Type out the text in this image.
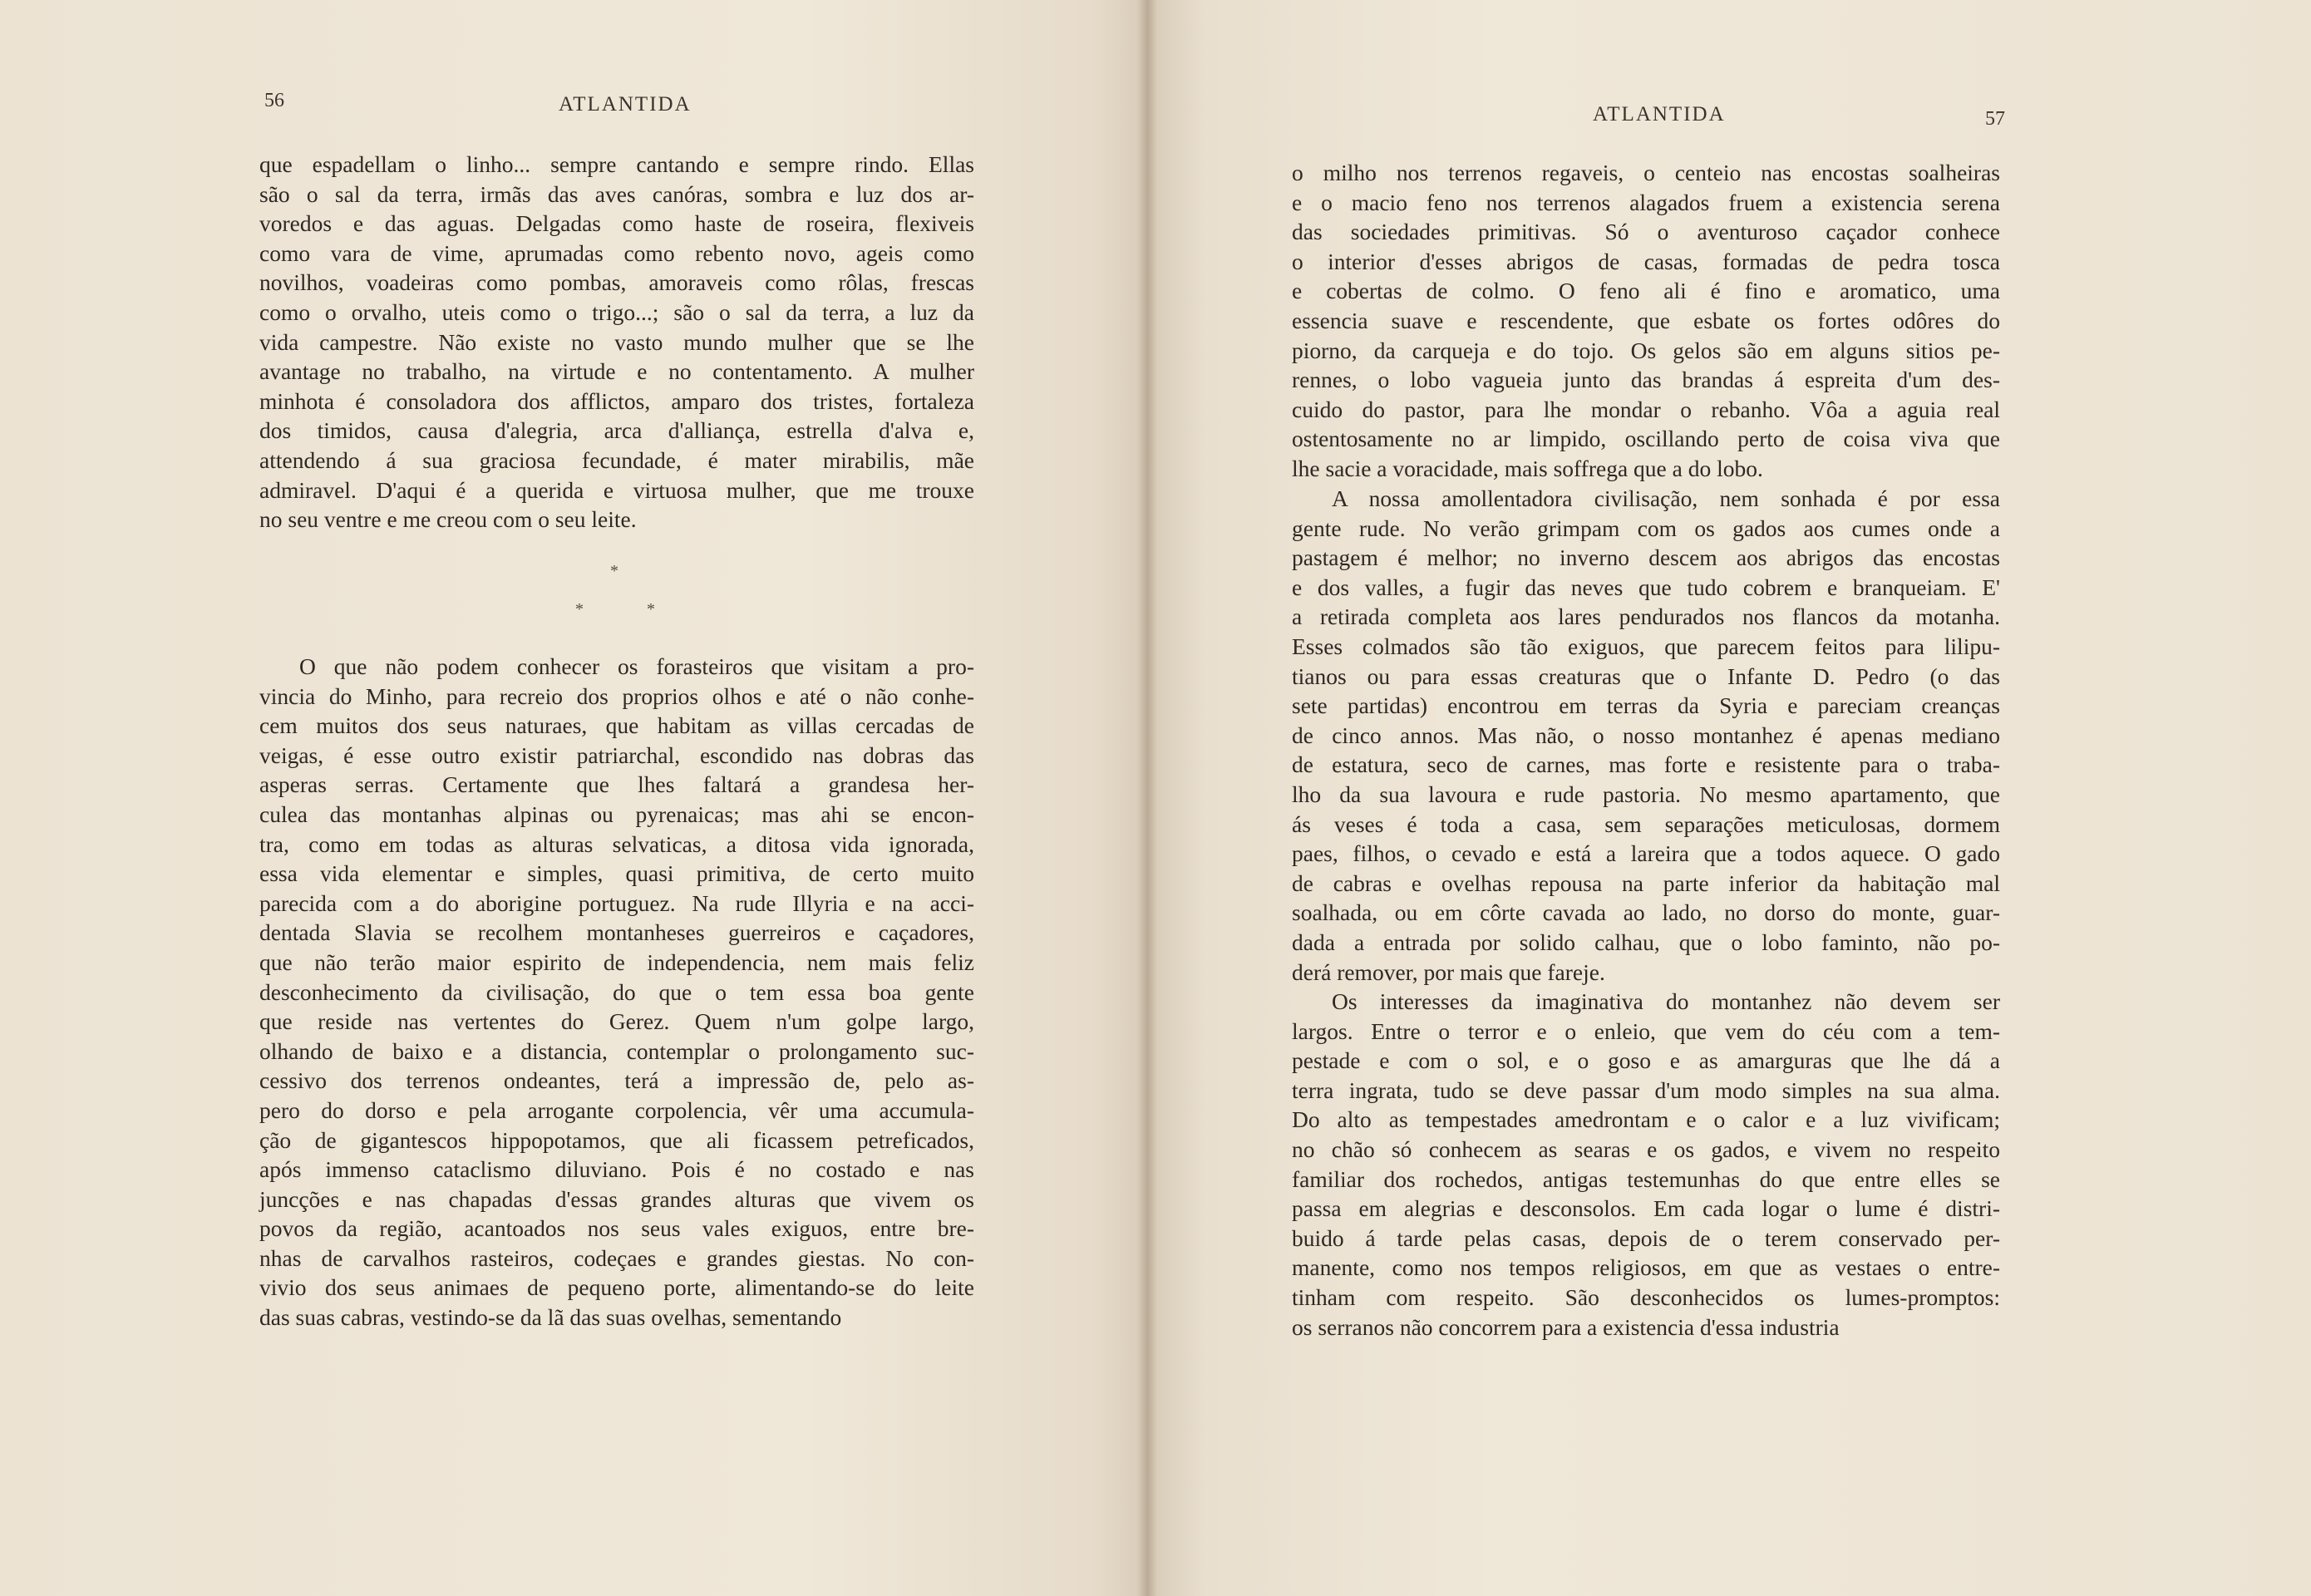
56	ATLANTIDA
que espadellam o linho... sempre cantando e sempre rindo. Ellas
são o sal da terra, irmãs das aves canóras, sombra e luz dos ar-
voredos e das aguas. Delgadas como haste de roseira, flexiveis
como vara de vime, aprumadas como rebento novo, ageis como
novilhos, voadeiras como pombas, amoraveis como rôlas, frescas
como o orvalho, uteis como o trigo...; são o sal da terra, a luz da
vida campestre. Não existe no vasto mundo mulher que se lhe
avantage no trabalho, na virtude e no contentamento. A mulher
minhota é consoladora dos afflictos, amparo dos tristes, fortaleza
dos timidos, causa d'alegria, arca d'alliança, estrella d'alva e,
attendendo á sua graciosa fecundade, é mater mirabilis, mãe
admiravel. D'aqui é a querida e virtuosa mulher, que me trouxe
no seu ventre e me creou com o seu leite.
*
*	*
O que não podem conhecer os forasteiros que visitam a pro-
vincia do Minho, para recreio dos proprios olhos e até o não conhe-
cem muitos dos seus naturaes, que habitam as villas cercadas de
veigas, é esse outro existir patriarchal, escondido nas dobras das
asperas serras. Certamente que lhes faltará a grandesa her-
culea das montanhas alpinas ou pyrenaicas; mas ahi se encon-
tra, como em todas as alturas selvaticas, a ditosa vida ignorada,
essa vida elementar e simples, quasi primitiva, de certo muito
parecida com a do aborigine portuguez. Na rude Illyria e na acci-
dentada Slavia se recolhem montanheses guerreiros e caçadores,
que não terão maior espirito de independencia, nem mais feliz
desconhecimento da civilisação, do que o tem essa boa gente
que reside nas vertentes do Gerez. Quem n'um golpe largo,
olhando de baixo e a distancia, contemplar o prolongamento suc-
cessivo dos terrenos ondeantes, terá a impressão de, pelo as-
pero do dorso e pela arrogante corpolencia, vêr uma accumula-
ção de gigantescos hippopotamos, que ali ficassem petreficados,
após immenso cataclismo diluviano. Pois é no costado e nas
juncções e nas chapadas d'essas grandes alturas que vivem os
povos da região, acantoados nos seus vales exiguos, entre bre-
nhas de carvalhos rasteiros, codeçaes e grandes giestas. No con-
vivio dos seus animaes de pequeno porte, alimentando-se do leite
das suas cabras, vestindo-se da lã das suas ovelhas, sementando
ATLANTIDA	57
o milho nos terrenos regaveis, o centeio nas encostas soalheiras
e o macio feno nos terrenos alagados fruem a existencia serena
das sociedades primitivas. Só o aventuroso caçador conhece
o interior d'esses abrigos de casas, formadas de pedra tosca
e cobertas de colmo. O feno ali é fino e aromatico, uma
essencia suave e rescendente, que esbate os fortes odôres do
piorno, da carqueja e do tojo. Os gelos são em alguns sitios pe-
rennes, o lobo vagueia junto das brandas á espreita d'um des-
cuido do pastor, para lhe mondar o rebanho. Vôa a aguia real
ostentosamente no ar limpido, oscillando perto de coisa viva que
lhe sacie a voracidade, mais soffrega que a do lobo.
A nossa amollentadora civilisação, nem sonhada é por essa
gente rude. No verão grimpam com os gados aos cumes onde a
pastagem é melhor; no inverno descem aos abrigos das encostas
e dos valles, a fugir das neves que tudo cobrem e branqueiam. E'
a retirada completa aos lares pendurados nos flancos da motanha.
Esses colmados são tão exiguos, que parecem feitos para lilipu-
tianos ou para essas creaturas que o Infante D. Pedro (o das
sete partidas) encontrou em terras da Syria e pareciam creanças
de cinco annos. Mas não, o nosso montanhez é apenas mediano
de estatura, seco de carnes, mas forte e resistente para o traba-
lho da sua lavoura e rude pastoria. No mesmo apartamento, que
ás veses é toda a casa, sem separações meticulosas, dormem
paes, filhos, o cevado e está a lareira que a todos aquece. O gado
de cabras e ovelhas repousa na parte inferior da habitação mal
soalhada, ou em côrte cavada ao lado, no dorso do monte, guar-
dada a entrada por solido calhau, que o lobo faminto, não po-
derá remover, por mais que fareje.
Os interesses da imaginativa do montanhez não devem ser
largos. Entre o terror e o enleio, que vem do céu com a tem-
pestade e com o sol, e o goso e as amarguras que lhe dá a
terra ingrata, tudo se deve passar d'um modo simples na sua alma.
Do alto as tempestades amedrontam e o calor e a luz vivificam;
no chão só conhecem as searas e os gados, e vivem no respeito
familiar dos rochedos, antigas testemunhas do que entre elles se
passa em alegrias e desconsolos. Em cada logar o lume é distri-
buido á tarde pelas casas, depois de o terem conservado per-
manente, como nos tempos religiosos, em que as vestaes o entre-
tinham com respeito. São desconhecidos os lumes-promptos:
os serranos não concorrem para a existencia d'essa industria
